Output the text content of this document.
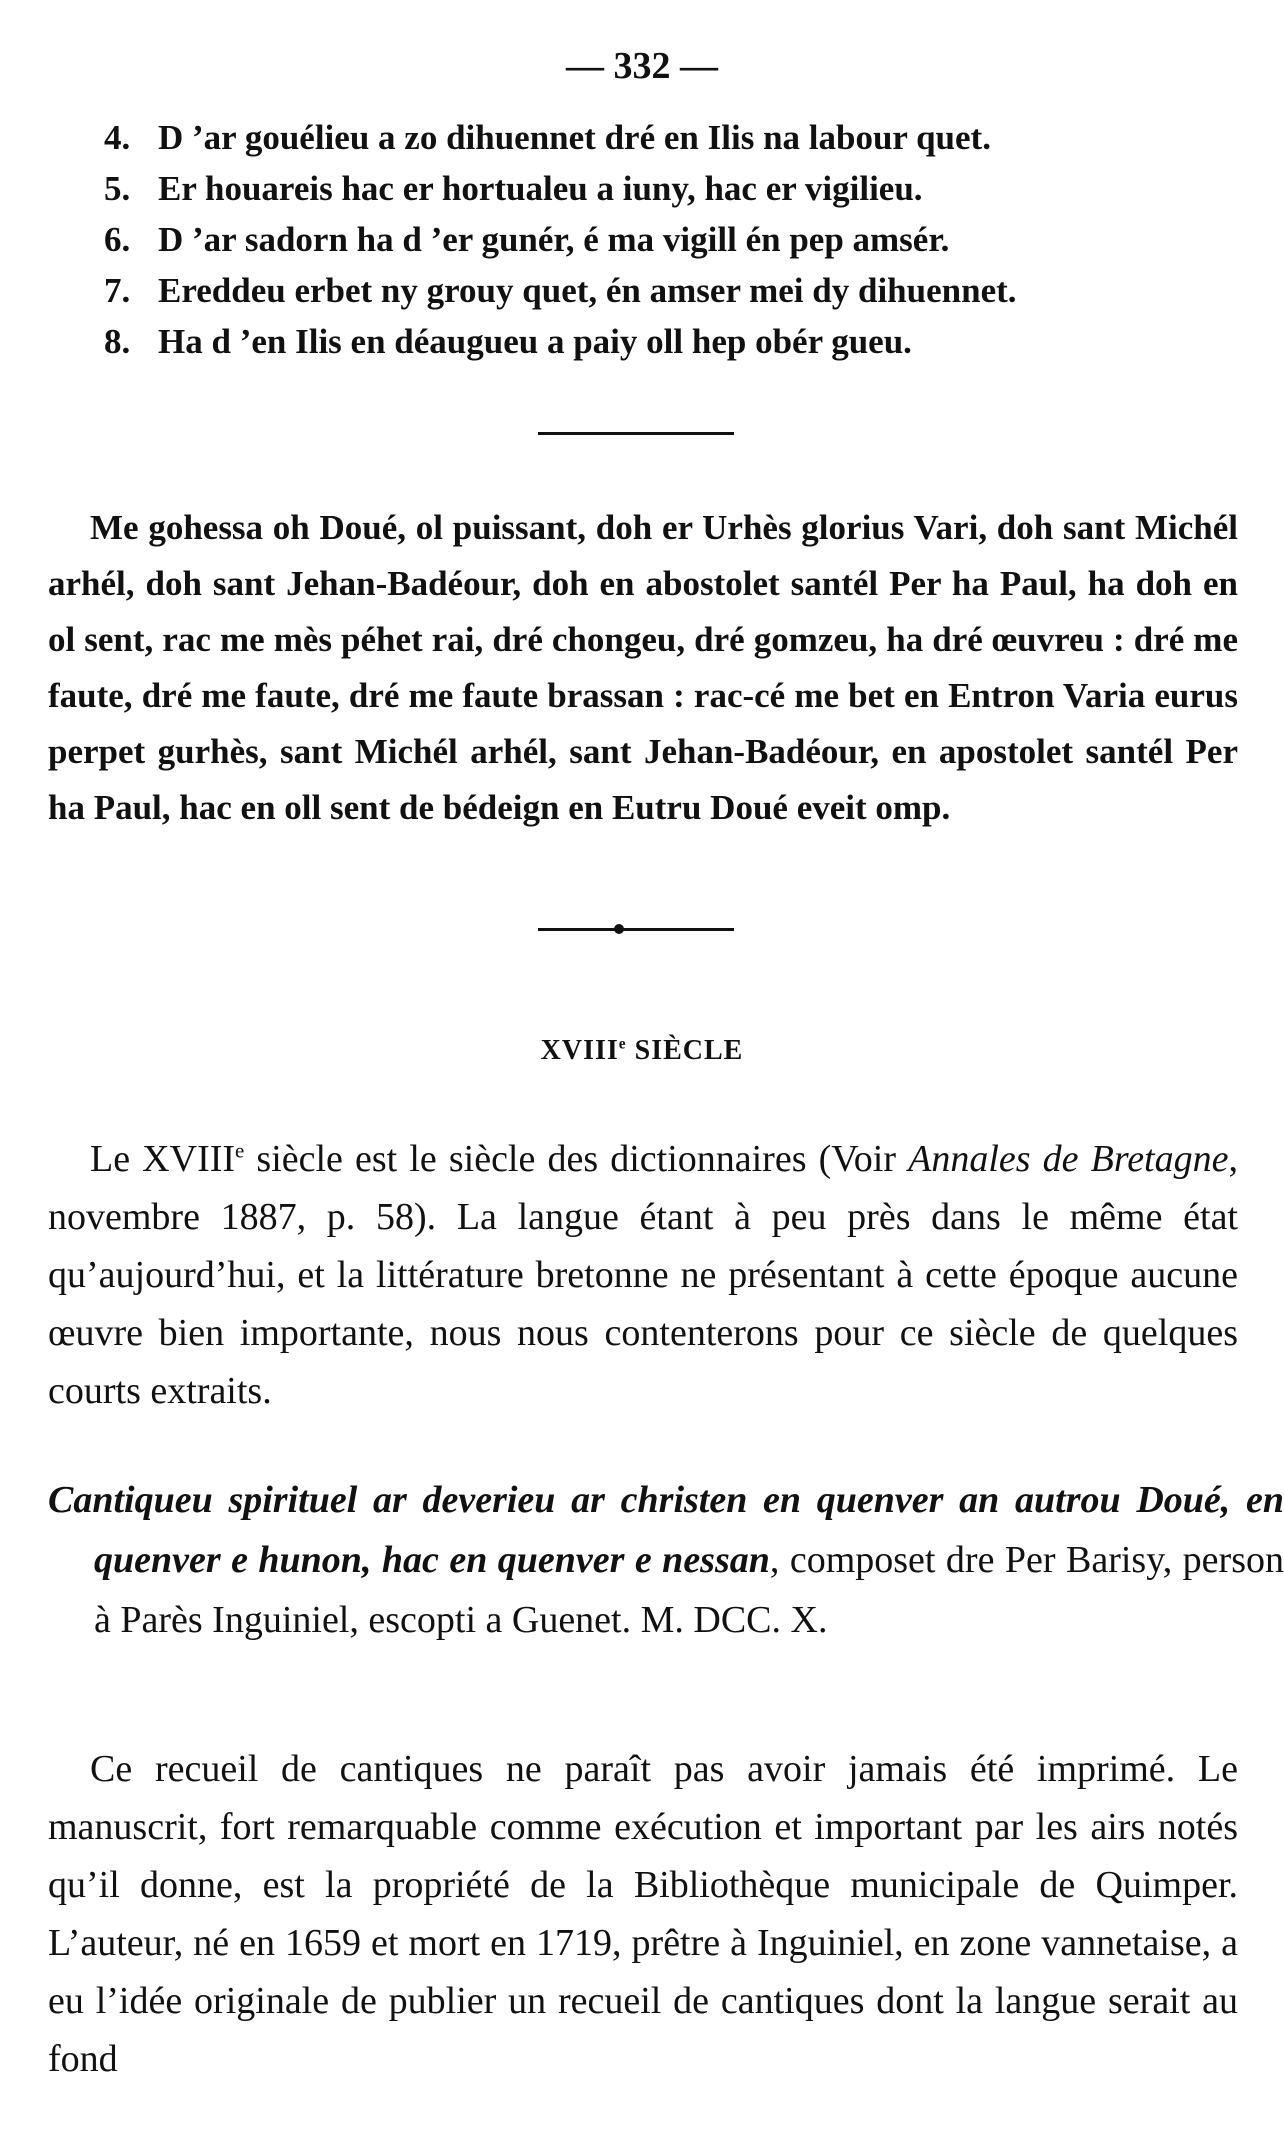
— 332 —
4. D ’ar gouélieu a zo dihuennet dré en Ilis na labour quet.
5. Er houareis hac er hortualeu a iuny, hac er vigilieu.
6. D ’ar sadorn ha d ’er gunér, é ma vigill én pep amsér.
7. Ereddeu erbet ny grouy quet, én amser mei dy dihuennet.
8. Ha d ’en Ilis en déaugueu a paiy oll hep obér gueu.

Me gohessa oh Doué, ol puissant, doh er Urhès glorius Vari, doh sant Michél arhél, doh sant Jehan-Badéour, doh en abostolet santél Per ha Paul, ha doh en ol sent, rac me mès péhet rai, dré chongeu, dré gomzeu, ha dré œuvreu : dré me faute, dré me faute, dré me faute brassan : rac-cé me bet en Entron Varia eurus perpet gurhès, sant Michél arhél, sant Jehan-Badéour, en apostolet santél Per ha Paul, hac en oll sent de bédeign en Eutru Doué eveit omp.

XVIIIe SIÈCLE

Le XVIIIe siècle est le siècle des dictionnaires (Voir Annales de Bretagne, novembre 1887, p. 58). La langue étant à peu près dans le même état qu’aujourd’hui, et la littérature bretonne ne présentant à cette époque aucune œuvre bien importante, nous nous contenterons pour ce siècle de quelques courts extraits.

Cantiqueu spirituel ar deverieu ar christen en quenver an autrou Doué, en quenver e hunon, hac en quenver e nessan, composet dre Per Barisy, person à Parès Inguiniel, escopti a Guenet. M. DCC. X.

Ce recueil de cantiques ne paraît pas avoir jamais été imprimé. Le manuscrit, fort remarquable comme exécution et important par les airs notés qu’il donne, est la propriété de la Bibliothèque municipale de Quimper. L’auteur, né en 1659 et mort en 1719, prêtre à Inguiniel, en zone vannetaise, a eu l’idée originale de publier un recueil de cantiques dont la langue serait au fond
